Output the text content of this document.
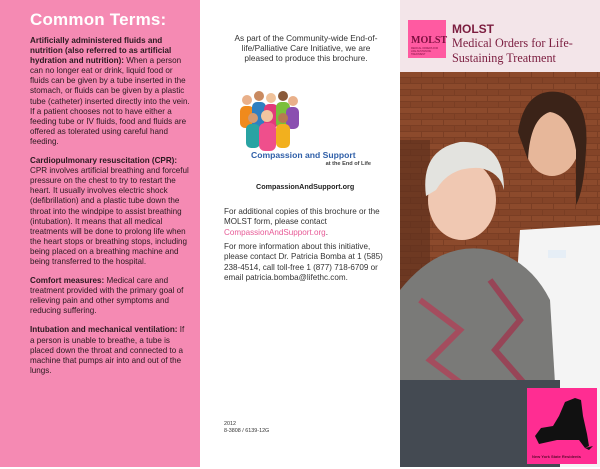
Common Terms:

Artificially administered fluids and nutrition (also referred to as artificial hydration and nutrition): When a person can no longer eat or drink, liquid food or fluids can be given by a tube inserted in the stomach, or fluids can be given by a plastic tube (catheter) inserted directly into the vein. If a patient chooses not to have either a feeding tube or IV fluids, food and fluids are offered as tolerated using careful hand feeding.

Cardiopulmonary resuscitation (CPR): CPR involves artificial breathing and forceful pressure on the chest to try to restart the heart. It usually involves electric shock (defibrillation) and a plastic tube down the throat into the windpipe to assist breathing (intubation). It means that all medical treatments will be done to prolong life when the heart stops or breathing stops, including being placed on a breathing machine and being transferred to the hospital.

Comfort measures: Medical care and treatment provided with the primary goal of relieving pain and other symptoms and reducing suffering.

Intubation and mechanical ventilation: If a person is unable to breathe, a tube is placed down the throat and connected to a machine that pumps air into and out of the lungs.

As part of the Community-wide End-of-life/Palliative Care Initiative, we are pleased to produce this brochure.
For additional copies of this brochure or the MOLST form, please contact CompassionAndSupport.org.
For more information about this initiative, please contact Dr. Patricia Bomba at 1 (585) 238-4514, call toll-free 1 (877) 718-6709 or email patricia.bomba@lifethc.com.
2012
8-3808 / 6139-12G
Compassion and Support
at the End of Life
CompassionAndSupport.org
MOLST
MEDICAL ORDERS FOR LIFE-SUSTAINING TREATMENT
MOLST
Medical Orders for Life-Sustaining Treatment
New York State Residents
